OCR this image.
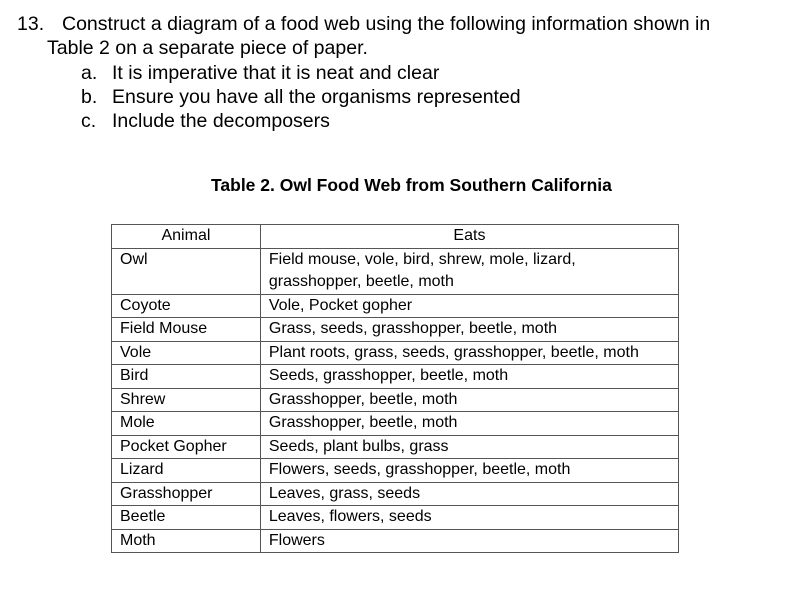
13. Construct a diagram of a food web using the following information shown in
Table 2 on a separate piece of paper.
a. It is imperative that it is neat and clear
b. Ensure you have all the organisms represented
c. Include the decomposers
Table 2. Owl Food Web from Southern California
Animal	Eats
Owl	Field mouse, vole, bird, shrew, mole, lizard, grasshopper, beetle, moth
Coyote	Vole, Pocket gopher
Field Mouse	Grass, seeds, grasshopper, beetle, moth
Vole	Plant roots, grass, seeds, grasshopper, beetle, moth
Bird	Seeds, grasshopper, beetle, moth
Shrew	Grasshopper, beetle, moth
Mole	Grasshopper, beetle, moth
Pocket Gopher	Seeds, plant bulbs, grass
Lizard	Flowers, seeds, grasshopper, beetle, moth
Grasshopper	Leaves, grass, seeds
Beetle	Leaves, flowers, seeds
Moth	Flowers
